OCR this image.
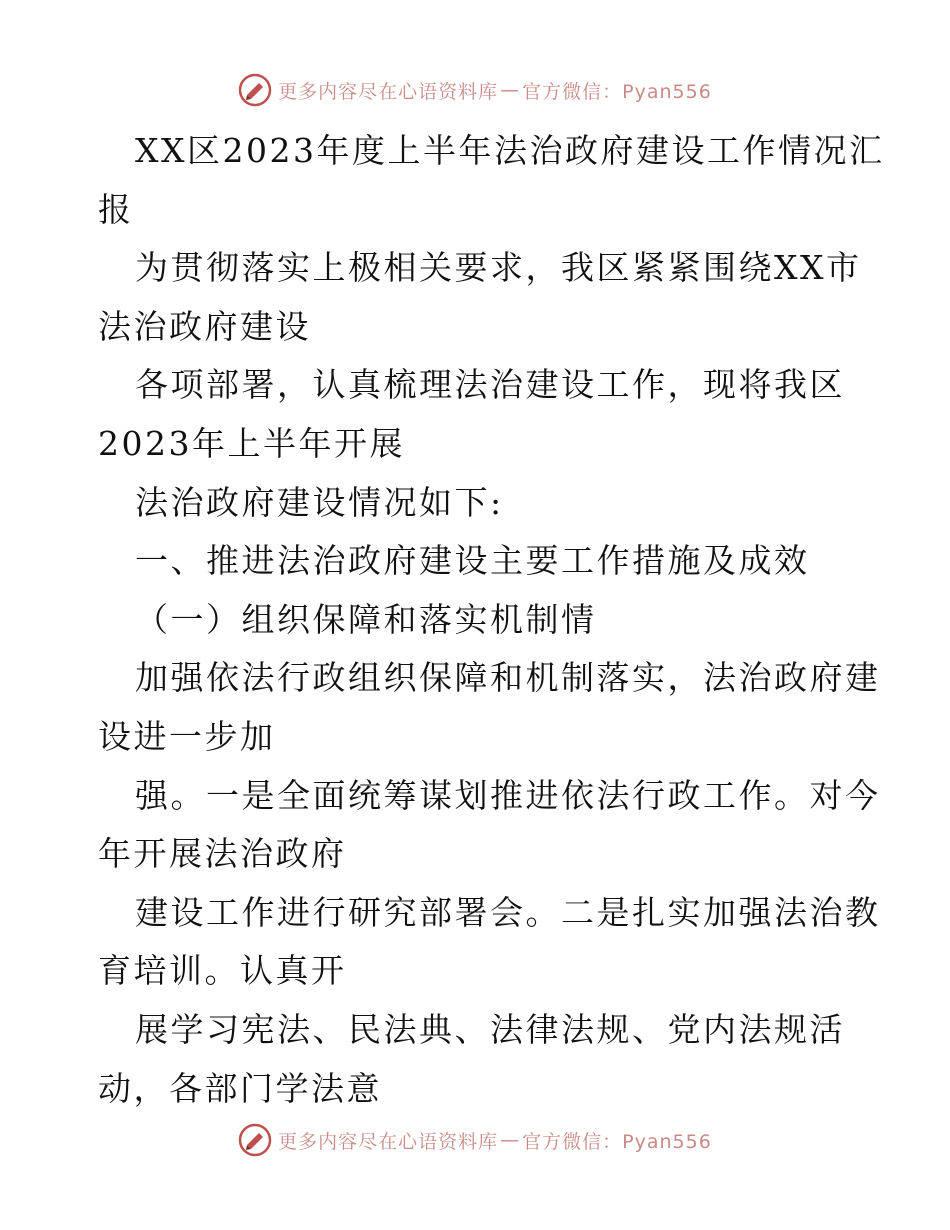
更多内容尽在心语资料库 — 官方微信：Pyan556
XX区2023年度上半年法治政府建设工作情况汇
报
为贯彻落实上极相关要求，我区紧紧围绕XX市
法治政府建设
各项部署，认真梳理法治建设工作，现将我区
2023年上半年开展
法治政府建设情况如下:
一、推进法治政府建设主要工作措施及成效
（一）组织保障和落实机制情
加强依法行政组织保障和机制落实，法治政府建
设进一步加
强。一是全面统筹谋划推进依法行政工作。对今
年开展法治政府
建设工作进行研究部署会。二是扎实加强法治教
育培训。认真开
展学习宪法、民法典、法律法规、党内法规活
动，各部门学法意
更多内容尽在心语资料库 — 官方微信：Pyan556
